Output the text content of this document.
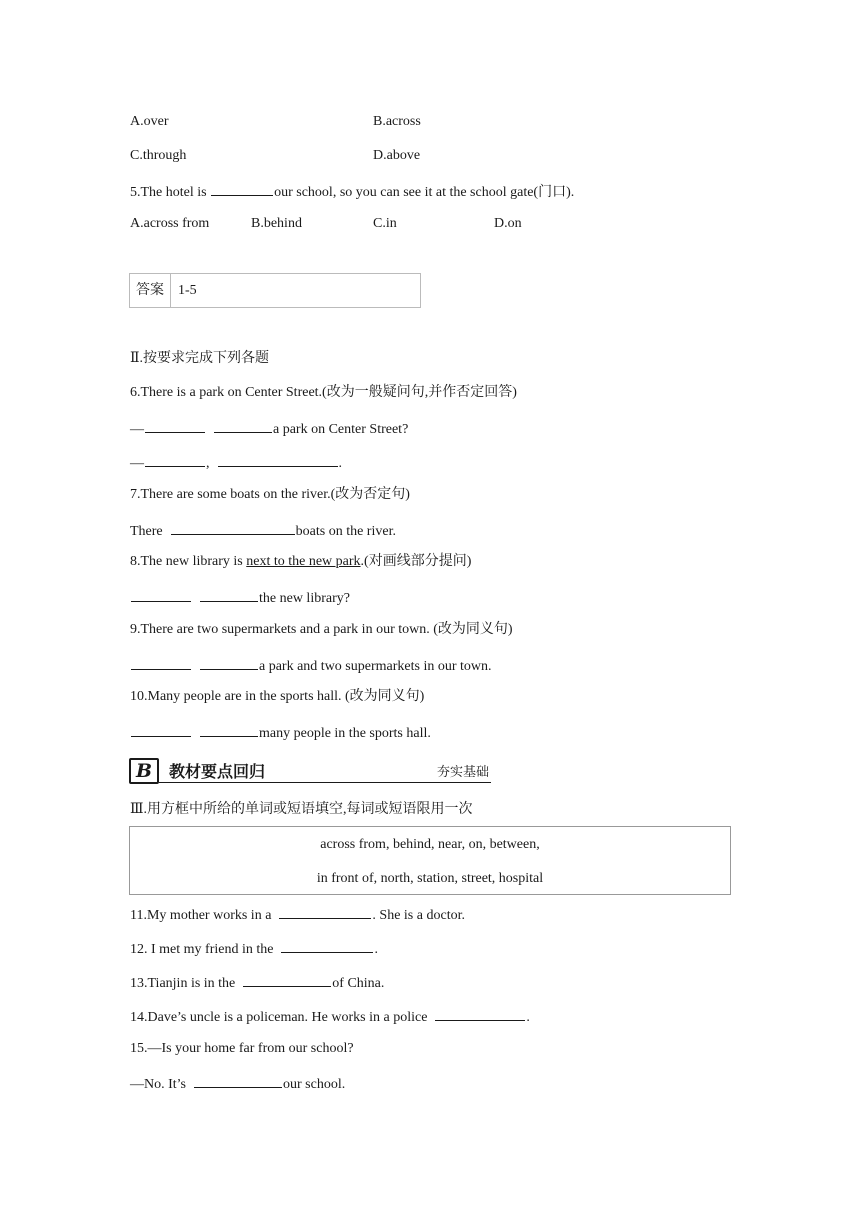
A.over	B.across
C.through	D.above
5.The hotel is	our school, so you can see it at the school gate(门口).
A.across from	B.behind	C.in	D.on
答案	1-5
Ⅱ.按要求完成下列各题
6.There is a park on Center Street.(改为一般疑问句,并作否定回答)
—	a park on Center Street?
—	,	.
7.There are some boats on the river.(改为否定句)
There	boats on the river.
8.The new library is next to the new park.(对画线部分提问)
the new library?
9.There are two supermarkets and a park in our town. (改为同义句)
a park and two supermarkets in our town.
10.Many people are in the sports hall. (改为同义句)
many people in the sports hall.
B	教材要点回归	夯实基础
Ⅲ.用方框中所给的单词或短语填空,每词或短语限用一次
across from, behind, near, on, between,
in front of, north, station, street, hospital
11.My mother works in a	. She is a doctor.
12. I met my friend in the	.
13.Tianjin is in the	of China.
14.Dave’s uncle is a policeman. He works in a police	.
15.—Is your home far from our school?
—No. It’s	our school.
